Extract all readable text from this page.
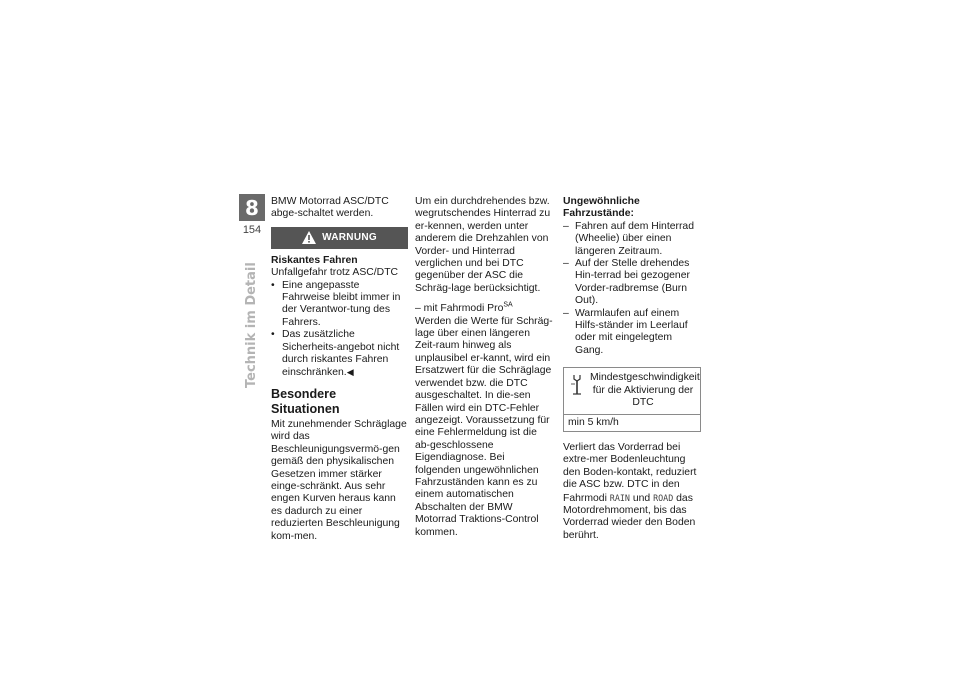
8
154
Technik im Detail

BMW Motorrad ASC/DTC abge-schaltet werden.

WARNUNG

Riskantes Fahren

Unfallgefahr trotz ASC/DTC

• Eine angepasste Fahrweise bleibt immer in der Verantwor-tung des Fahrers.
• Das zusätzliche Sicherheits-angebot nicht durch riskantes Fahren einschränken.◀
Besondere Situationen

Mit zunehmender Schräglage wird das Beschleunigungsvermö-gen gemäß den physikalischen Gesetzen immer stärker einge-schränkt. Aus sehr engen Kurven heraus kann es dadurch zu einer reduzierten Beschleunigung kom-men.

Um ein durchdrehendes bzw. wegrutschendes Hinterrad zu er-kennen, werden unter anderem die Drehzahlen von Vorder- und Hinterrad verglichen und bei DTC gegenüber der ASC die Schräg-lage berücksichtigt.

– mit Fahrmodi Pro$^{SA}$

Werden die Werte für Schräg-lage über einen längeren Zeit-raum hinweg als unplausibel er-kannt, wird ein Ersatzwert für die Schräglage verwendet bzw. die DTC ausgeschaltet. In die-sen Fällen wird ein DTC-Fehler angezeigt. Voraussetzung für eine Fehlermeldung ist die ab-geschlossene Eigendiagnose. Bei folgenden ungewöhnlichen Fahrzuständen kann es zu einem automatischen Abschalten der BMW Motorrad Traktions-Control kommen.

Ungewöhnliche Fahrzustände:

– Fahren auf dem Hinterrad (Wheelie) über einen längeren Zeitraum.
– Auf der Stelle drehendes Hin-terrad bei gezogener Vorder-radbremse (Burn Out).
– Warmlaufen auf einem Hilfs-ständer im Leerlauf oder mit eingelegtem Gang.
Mindestgeschwindigkeit für die Aktivierung der DTC
min 5 km/h

Verliert das Vorderrad bei extre-mer Bodenleuchtung den Boden-kontakt, reduziert die ASC bzw. DTC in den Fahrmodi RAIN und ROAD das Motordrehmoment, bis das Vorderrad wieder den Boden berührt.
